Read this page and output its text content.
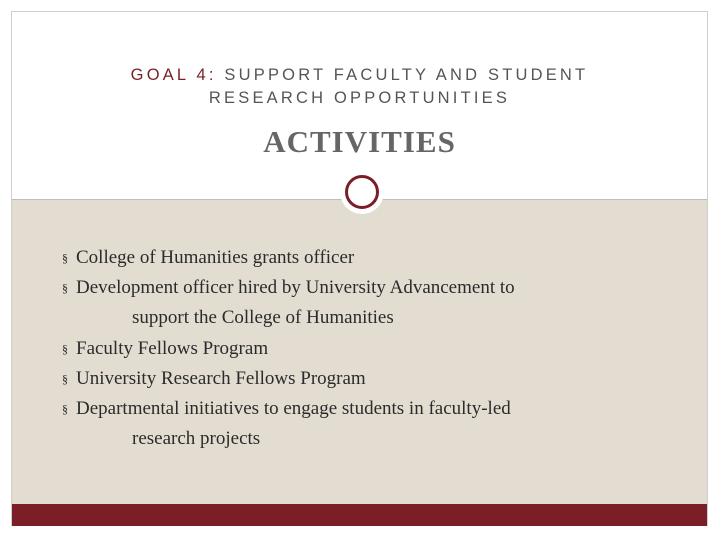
GOAL 4: SUPPORT FACULTY AND STUDENT
RESEARCH OPPORTUNITIES
ACTIVITIES
§ College of Humanities grants officer
§ Development officer hired by University Advancement to
support the College of Humanities
§ Faculty Fellows Program
§ University Research Fellows Program
§ Departmental initiatives to engage students in faculty-led
research projects
